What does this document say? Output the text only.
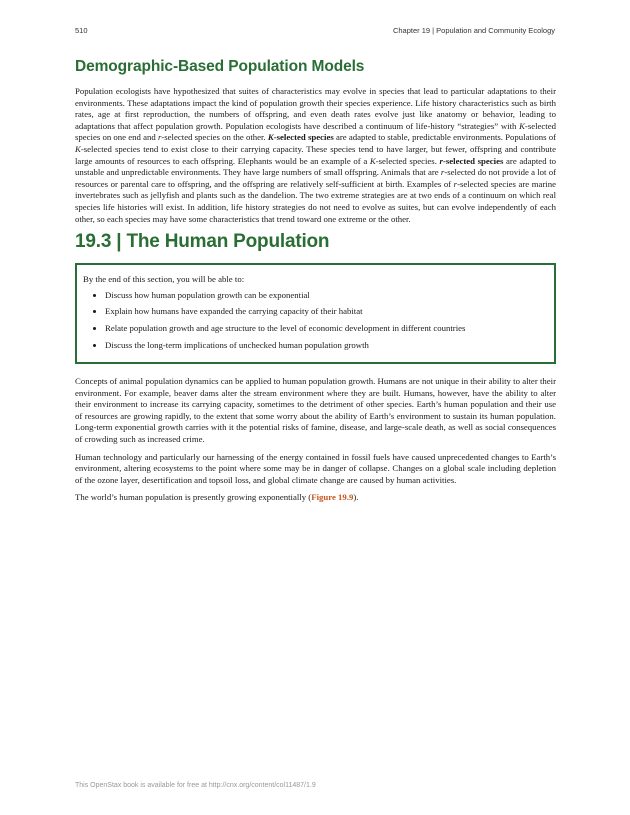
510	Chapter 19 | Population and Community Ecology
Demographic-Based Population Models

Population ecologists have hypothesized that suites of characteristics may evolve in species that lead to particular adaptations to their environments. These adaptations impact the kind of population growth their species experience. Life history characteristics such as birth rates, age at first reproduction, the numbers of offspring, and even death rates evolve just like anatomy or behavior, leading to adaptations that affect population growth. Population ecologists have described a continuum of life-history “strategies” with K-selected species on one end and r-selected species on the other. K-selected species are adapted to stable, predictable environments. Populations of K-selected species tend to exist close to their carrying capacity. These species tend to have larger, but fewer, offspring and contribute large amounts of resources to each offspring. Elephants would be an example of a K-selected species. r-selected species are adapted to unstable and unpredictable environments. They have large numbers of small offspring. Animals that are r-selected do not provide a lot of resources or parental care to offspring, and the offspring are relatively self-sufficient at birth. Examples of r-selected species are marine invertebrates such as jellyfish and plants such as the dandelion. The two extreme strategies are at two ends of a continuum on which real species life histories will exist. In addition, life history strategies do not need to evolve as suites, but can evolve independently of each other, so each species may have some characteristics that trend toward one extreme or the other.

19.3 | The Human Population

By the end of this section, you will be able to:

• Discuss how human population growth can be exponential
• Explain how humans have expanded the carrying capacity of their habitat
• Relate population growth and age structure to the level of economic development in different countries
• Discuss the long-term implications of unchecked human population growth

Concepts of animal population dynamics can be applied to human population growth. Humans are not unique in their ability to alter their environment. For example, beaver dams alter the stream environment where they are built. Humans, however, have the ability to alter their environment to increase its carrying capacity, sometimes to the detriment of other species. Earth’s human population and their use of resources are growing rapidly, to the extent that some worry about the ability of Earth’s environment to sustain its human population. Long-term exponential growth carries with it the potential risks of famine, disease, and large-scale death, as well as social consequences of crowding such as increased crime.

Human technology and particularly our harnessing of the energy contained in fossil fuels have caused unprecedented changes to Earth’s environment, altering ecosystems to the point where some may be in danger of collapse. Changes on a global scale including depletion of the ozone layer, desertification and topsoil loss, and global climate change are caused by human activities.

The world’s human population is presently growing exponentially (Figure 19.9).

This OpenStax book is available for free at http://cnx.org/content/col11487/1.9
